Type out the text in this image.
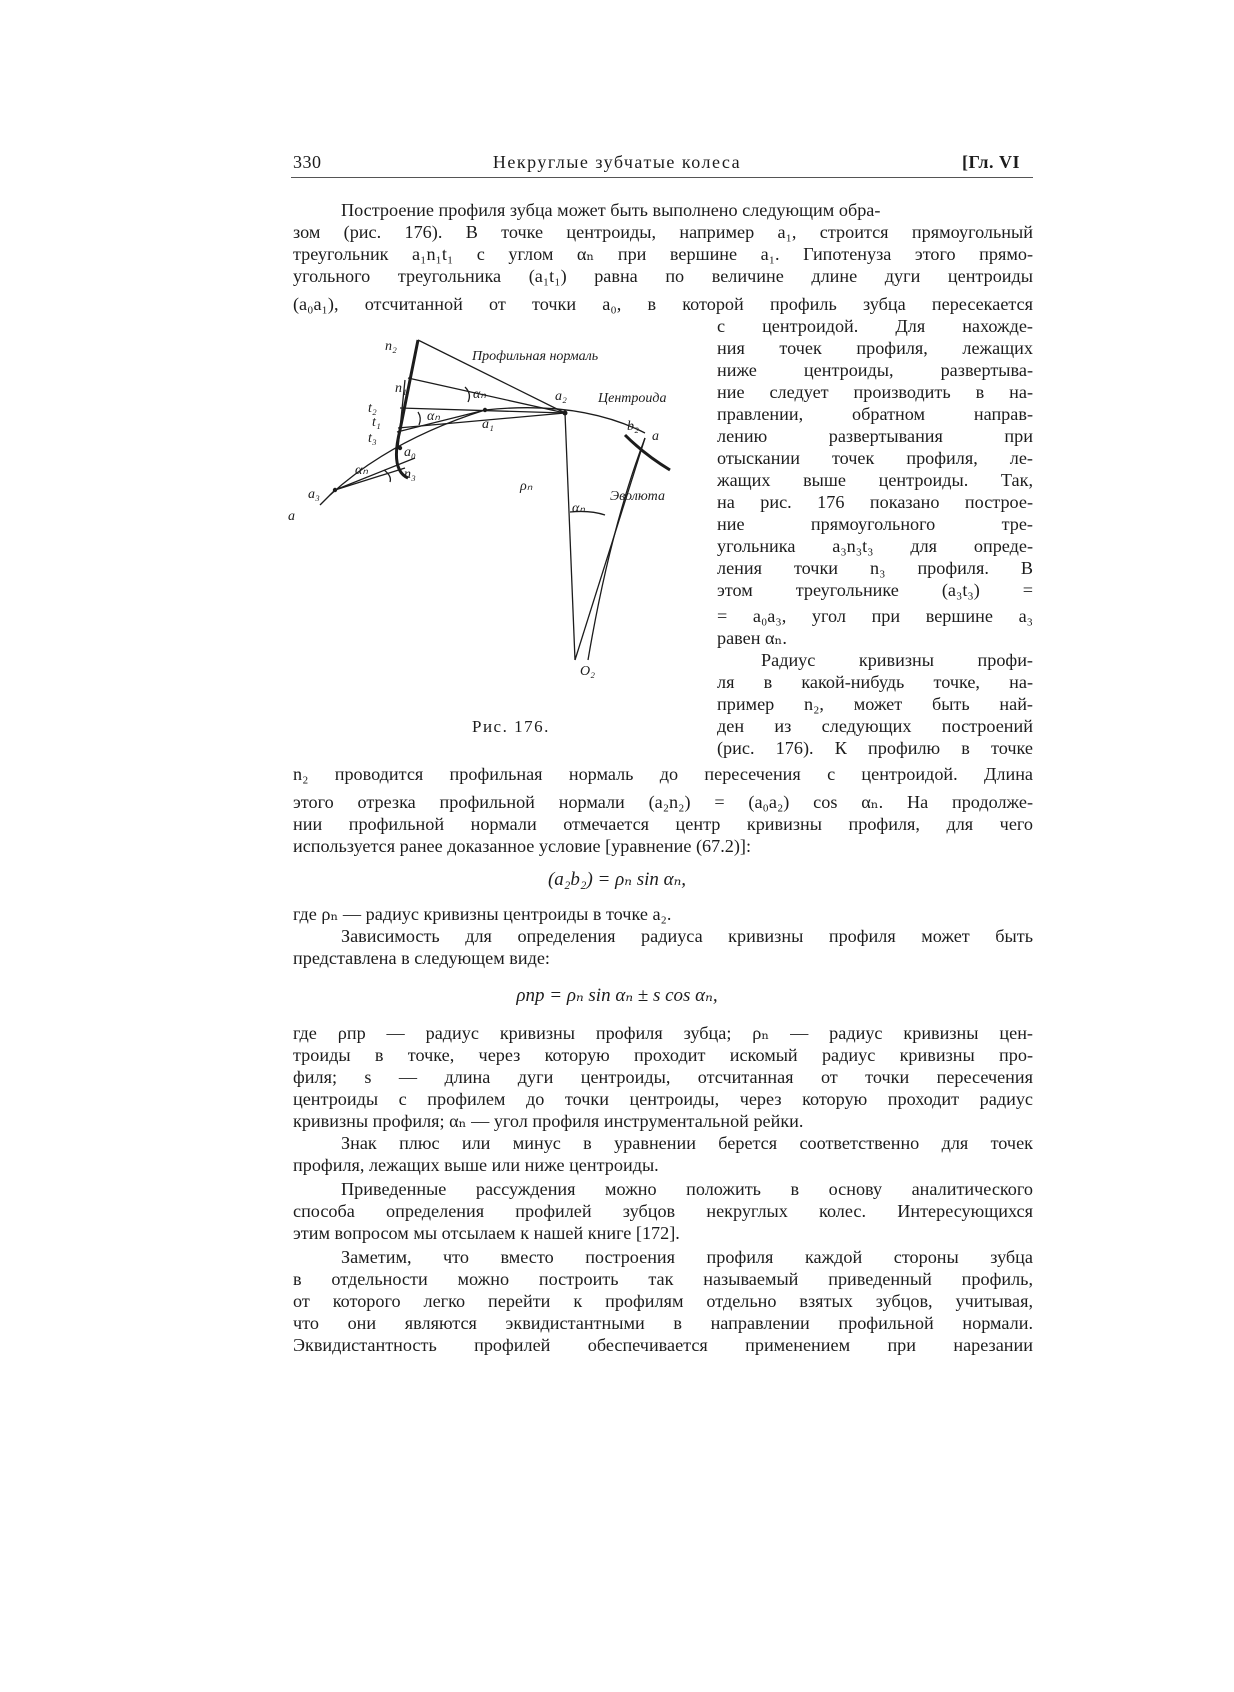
330	Некруглые зубчатые колеса	[Гл. VI
Построение профиля зубца может быть выполнено следующим обра-
зом (рис. 176). В точке центроиды, например a₁, строится прямоугольный
треугольник a₁n₁t₁ с углом αₙ при вершине a₁. Гипотенуза этого прямо-
угольного треугольника (a₁t₁) равна по величине длине дуги центроиды
(a₀a₁), отсчитанной от точки a₀, в которой профиль зубца пересекается
с центроидой. Для нахожде-
ния точек профиля, лежащих
ниже центроиды, развертыва-
ние следует производить в на-
правлении, обратном направ-
лению развертывания при
отыскании точек профиля, ле-
жащих выше центроиды. Так,
на рис. 176 показано построе-
ние прямоугольного тре-
угольника a₃n₃t₃ для опреде-
ления точки n₃ профиля. В
этом треугольнике (a₃t₃) =
= a₀a₃, угол при вершине a₃
равен αₙ.
Радиус кривизны профи-
ля в какой-нибудь точке, на-
пример n₂, может быть най-
ден из следующих построений
(рис. 176). К профилю в точке
n₂
Профильная нормаль
n₁	αₙ	a₂ Центроида
t₂
αₙ
t₁	a₁	b₂
a
t₃
a₀
αₙ	n₃
a₃
ρₙ
Эволюта
a
αₙ
O₂
Рис. 176.
n₂ проводится профильная нормаль до пересечения с центроидой. Длина
этого отрезка профильной нормали (a₂n₂) = (a₀a₂) cos αₙ. На продолже-
нии профильной нормали отмечается центр кривизны профиля, для чего
используется ранее доказанное условие [уравнение (67.2)]:
(a₂b₂) = ρₙ sin αₙ,
где ρₙ — радиус кривизны центроиды в точке a₂.
Зависимость для определения радиуса кривизны профиля может быть
представлена в следующем виде:
ρпр = ρₙ sin αₙ ± s cos αₙ,
где ρпр — радиус кривизны профиля зубца; ρₙ — радиус кривизны цен-
троиды в точке, через которую проходит искомый радиус кривизны про-
филя; s — длина дуги центроиды, отсчитанная от точки пересечения
центроиды с профилем до точки центроиды, через которую проходит радиус
кривизны профиля; αₙ — угол профиля инструментальной рейки.
Знак плюс или минус в уравнении берется соответственно для точек
профиля, лежащих выше или ниже центроиды.
Приведенные рассуждения можно положить в основу аналитического
способа определения профилей зубцов некруглых колес. Интересующихся
этим вопросом мы отсылаем к нашей книге [172].
Заметим, что вместо построения профиля каждой стороны зубца
в отдельности можно построить так называемый приведенный профиль,
от которого легко перейти к профилям отдельно взятых зубцов, учитывая,
что они являются эквидистантными в направлении профильной нормали.
Эквидистантность профилей обеспечивается применением при нарезании
